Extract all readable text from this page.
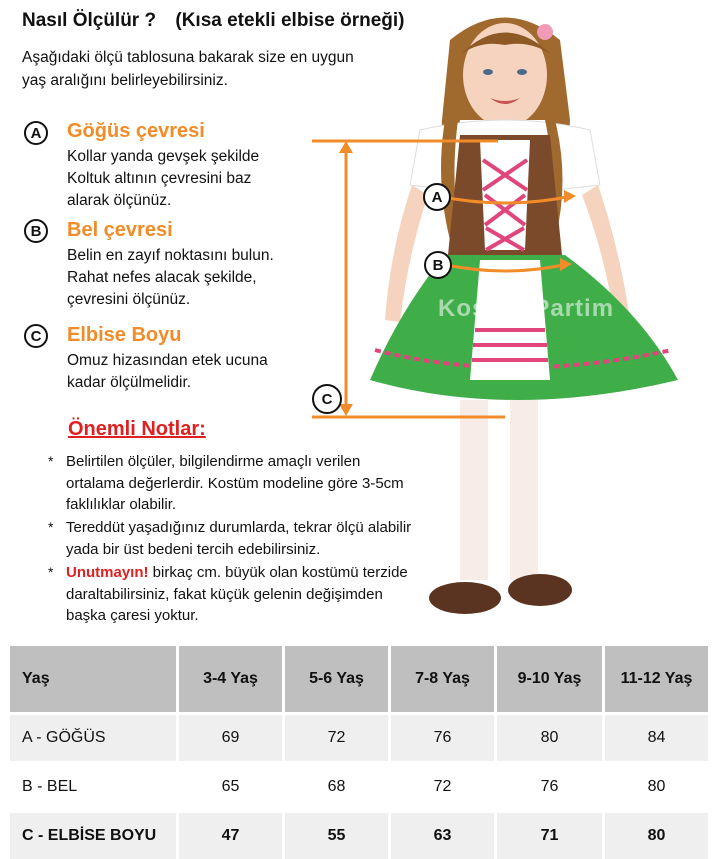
Nasıl Ölçülür ? (Kısa etekli elbise örneği)
Aşağıdaki ölçü tablosuna bakarak size en uygun yaş aralığını belirleyebilirsiniz.
A	Göğüs çevresi
Kollar yanda gevşek şekilde
Koltuk altının çevresini baz
alarak ölçünüz.
B	Bel çevresi
Belin en zayıf noktasını bulun.
Rahat nefes alacak şekilde,
çevresini ölçünüz.
C	Elbise Boyu
Omuz hizasından etek ucuna
kadar ölçülmelidir.
Önemli Notlar:
* Belirtilen ölçüler, bilgilendirme amaçlı verilen ortalama değerlerdir. Kostüm modeline göre 3-5cm faklılıklar olabilir.
* Tereddüt yaşadığınız durumlarda, tekrar ölçü alabilir yada bir üst bedeni tercih edebilirsiniz.
* Unutmayın! birkaç cm. büyük olan kostümü terzide daraltabilirsiniz, fakat küçük gelenin değişimden başka çaresi yoktur.
A
B
C
KostümPartim
Yaş	3-4 Yaş	5-6 Yaş	7-8 Yaş	9-10 Yaş	11-12 Yaş
A - GÖĞÜS	69	72	76	80	84
B - BEL	65	68	72	76	80
C - ELBİSE BOYU	47	55	63	71	80
